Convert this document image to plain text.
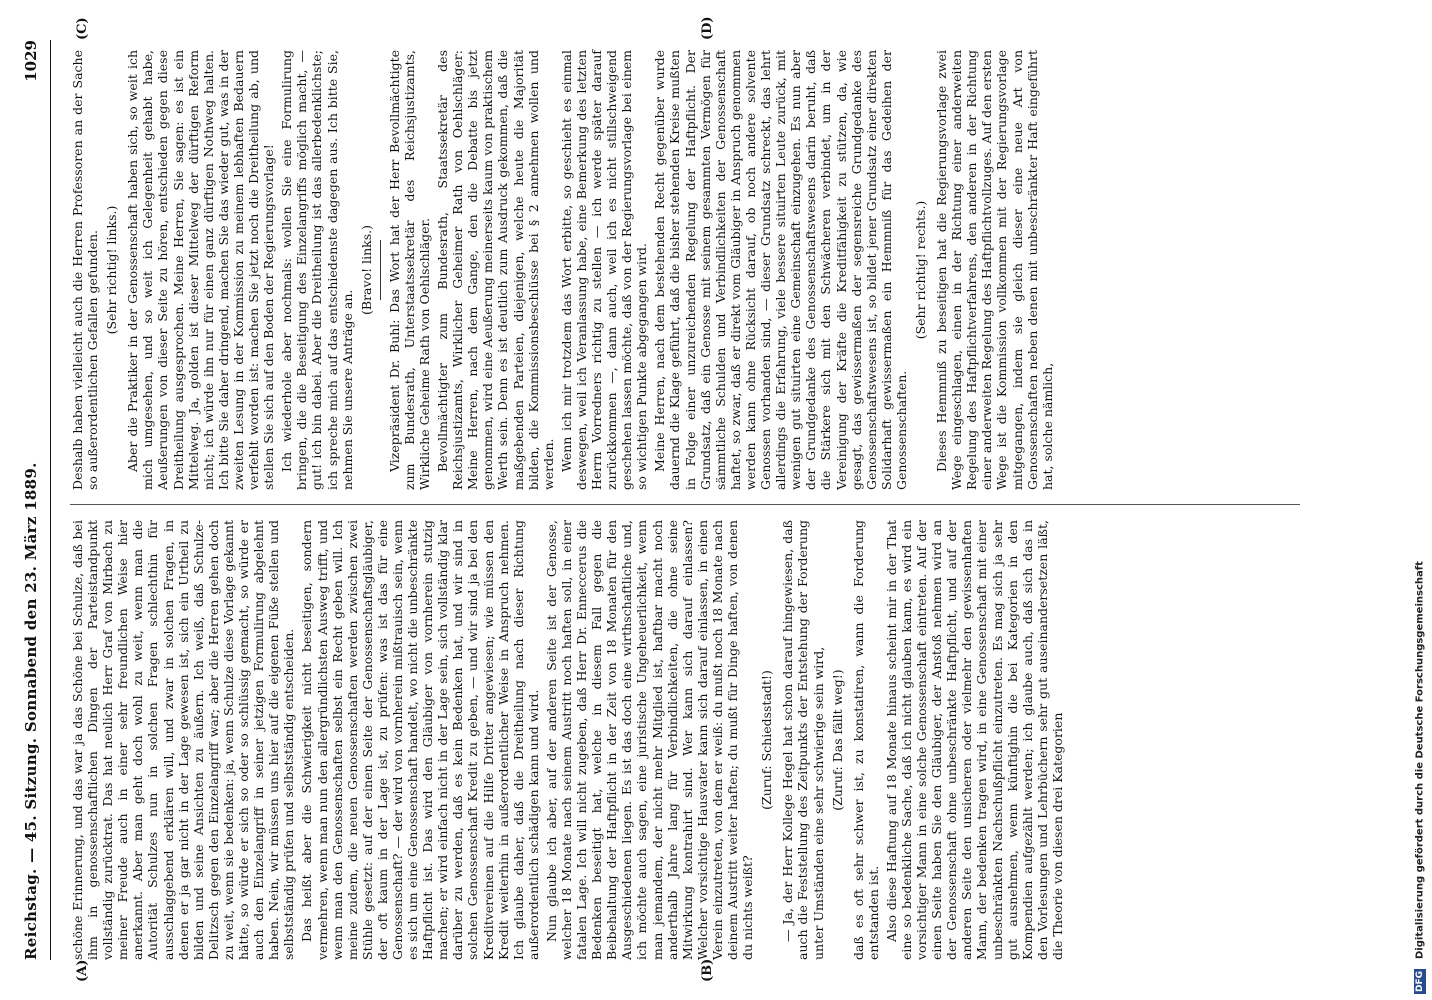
Reichstag. — 45. Sitzung. Sonnabend den 23. März 1889.
1029
(A)	(B)
(C)	(D)

schöne Erinnerung, und das war ja das Schöne bei Schulze, daß bei ihm in genossenschaftlichen Dingen der Parteistandpunkt vollständig zurücktrat. Das hat neulich Herr Graf von Mirbach zu meiner Freude auch in einer sehr freundlichen Weise hier anerkannt. Aber man geht doch wohl zu weit, wenn man die Autorität Schulzes nun in solchen Fragen schlechthin für ausschlaggebend erklären will, und zwar in solchen Fragen, in denen er ja gar nicht in der Lage gewesen ist, sich ein Urtheil zu bilden und seine Ansichten zu äußern. Ich weiß, daß Schulze-Delitzsch gegen den Einzelangriff war; aber die Herren gehen doch zu weit, wenn sie bedenken: ja, wenn Schulze diese Vorlage gekannt hätte, so würde er sich so oder so schlüssig gemacht, so würde er auch den Einzelangriff in seiner jetzigen Formulirung abgelehnt haben. Nein, wir müssen uns hier auf die eigenen Füße stellen und selbstständig prüfen und selbstständig entscheiden. Das heißt aber die Schwierigkeit nicht beseitigen, sondern vermehren, wenn man nun den allergründlichsten Ausweg trifft, und wenn man den Genossenschaften selbst ein Recht geben will. Ich meine zudem, die neuen Genossenschaften werden zwischen zwei Stühle gesetzt: auf der einen Seite der Genossenschaftsgläubiger, der oft kaum in der Lage ist, zu prüfen: was ist das für eine Genossenschaft? — der wird von vornherein mißtrauisch sein, wenn es sich um eine Genossenschaft handelt, wo nicht die unbeschränkte Haftpflicht ist. Das wird den Gläubiger von vornherein stutzig machen; er wird einfach nicht in der Lage sein, sich vollständig klar darüber zu werden, daß es kein Bedenken hat, und wir sind in solchen Genossenschaft Kredit zu geben, — und wir sind ja bei den Kreditvereinen auf die Hilfe Dritter angewiesen; wie müssen den Kredit weiterhin in außerordentlicher Weise in Anspruch nehmen. Ich glaube daher, daß die Dreitheilung nach dieser Richtung außerordentlich schädigen kann und wird. Nun glaube ich aber, auf der anderen Seite ist der Genosse, welcher 18 Monate nach seinem Austritt noch haften soll, in einer fatalen Lage. Ich will nicht zugeben, daß Herr Dr. Enneccerus die Bedenken beseitigt hat, welche in diesem Fall gegen die Beibehaltung der Haftpflicht in der Zeit von 18 Monaten für den Ausgeschiedenen liegen. Es ist das doch eine wirthschaftliche und, ich möchte auch sagen, eine juristische Ungeheuerlichkeit, wenn man jemandem, der nicht mehr Mitglied ist, haftbar macht noch anderthalb Jahre lang für Verbindlichkeiten, die ohne seine Mitwirkung kontrahirt sind. Wer kann sich darauf einlassen? Welcher vorsichtige Hausvater kann sich darauf einlassen, in einen Verein einzutreten, von dem er weiß: du mußt noch 18 Monate nach deinem Austritt weiter haften; du mußt für Dinge haften, von denen du nichts weißt?

(Zuruf: Schiedsstadt!) — Ja, der Herr Kollege Hegel hat schon darauf hingewiesen, daß auch die Feststellung des Zeitpunkts der Entstehung der Forderung unter Umständen eine sehr schwierige sein wird, (Zuruf: Das fällt weg!) daß es oft sehr schwer ist, zu konstatiren, wann die Forderung entstanden ist. Also diese Haftung auf 18 Monate hinaus scheint mir in der That eine so bedenkliche Sache, daß ich nicht glauben kann, es wird ein vorsichtiger Mann in eine solche Genossenschaft eintreten. Auf der einen Seite haben Sie den Gläubiger, der Anstoß nehmen wird an der Genossenschaft ohne unbeschränkte Haftpflicht, und auf der anderen Seite den unsicheren oder vielmehr den gewissenhaften Mann, der bedenken tragen wird, in eine Genossenschaft mit einer unbeschränkten Nachschußpflicht einzutreten. Es mag sich ja sehr gut ausnehmen, wenn künftighin die bei Kategorien in den Kompendien aufgezählt werden; ich glaube auch, daß sich das in den Vorlesungen und Lehrbüchern sehr gut auseinandersetzen läßt, die Theorie von diesen drei Kategorien

Deshalb haben vielleicht auch die Herren Professoren an der Sache so außerordentlichen Gefallen gefunden. (Sehr richtig! links.) Aber die Praktiker in der Genossenschaft haben sich, so weit ich mich umgesehen, und so weit ich Gelegenheit gehabt habe, Aeußerungen von dieser Seite zu hören, entschieden gegen diese Dreitheilung ausgesprochen. Meine Herren, Sie sagen: es ist ein Mittelweg. Ja, golden ist dieser Mittelweg der dürftigen Reform nicht; ich würde ihn nur für einen ganz dürftigen Nothweg halten. Ich bitte Sie daher dringend, machen Sie das wieder gut, was in der zweiten Lesung in der Kommission zu meinem lebhaften Bedauern verfehlt worden ist: machen Sie jetzt noch die Dreitheilung ab, und stellen Sie sich auf den Boden der Regierungsvorlage! Ich wiederhole aber nochmals: wollen Sie eine Formulirung bringen, die die Beseitigung des Einzelangriffs möglich macht, — gut! ich bin dabei. Aber die Dreitheilung ist das allerbedenklichste; ich spreche mich auf das entschiedenste dagegen aus. Ich bitte Sie, nehmen Sie unsere Anträge an.

(Bravo! links.) Vizepräsident Dr. Buhl: Das Wort hat der Herr Bevollmächtigte zum Bundesrath, Unterstaatssekretär des Reichsjustizamts, Wirkliche Geheime Rath von Oehlschläger. Bevollmächtigter zum Bundesrath, Staatssekretär des Reichsjustizamts, Wirklicher Geheimer Rath von Oehlschläger: Meine Herren, nach dem Gange, den die Debatte bis jetzt genommen, wird eine Aeußerung meinerseits kaum von praktischem Werth sein. Denn es ist deutlich zum Ausdruck gekommen, daß die maßgebenden Parteien, diejenigen, welche heute die Majorität bilden, die Kommissionsbeschlüsse bei § 2 annehmen wollen und werden. Wenn ich mir trotzdem das Wort erbitte, so geschieht es einmal deswegen, weil ich Veranlassung habe, eine Bemerkung des letzten Herrn Vorredners richtig zu stellen — ich werde später darauf zurückkommen —, dann auch, weil ich es nicht stillschweigend geschehen lassen möchte, daß von der Regierungsvorlage bei einem so wichtigen Punkte abgegangen wird. Meine Herren, nach dem bestehenden Recht gegenüber wurde dauernd die Klage geführt, daß die bisher stehenden Kreise mußten in Folge einer unzureichenden Regelung der Haftpflicht. Der Grundsatz, daß ein Genosse mit seinem gesammten Vermögen für sämmtliche Schulden und Verbindlichkeiten der Genossenschaft haftet, so zwar, daß er direkt vom Gläubiger in Anspruch genommen werden kann ohne Rücksicht darauf, ob noch andere solvente Genossen vorhanden sind, — dieser Grundsatz schreckt, das lehrt allerdings die Erfahrung, viele bessere situirten Leute zurück, mit wenigen gut situirten eine Gemeinschaft einzugehen. Es nun aber der Grundgedanke des Genossenschaftswesens darin beruht, daß die Stärkere sich mit den Schwächeren verbindet, um in der Vereinigung der Kräfte die Kreditfähigkeit zu stützen, da, wie gesagt, das gewissermaßen der segensreiche Grundgedanke des Genossenschaftswesens ist, so bildet jener Grundsatz einer direkten Solidarhaft gewissermaßen ein Hemmniß für das Gedeihen der Genossenschaften.

(Sehr richtig! rechts.) Dieses Hemmniß zu beseitigen hat die Regierungsvorlage zwei Wege eingeschlagen, einen in der Richtung einer anderweiten Regelung des Haftpflichtverfahrens, den anderen in der Richtung einer anderweiten Regelung des Haftpflichtvollzuges. Auf den ersten Wege ist die Kommission vollkommen mit der Regierungsvorlage mitgegangen, indem sie gleich dieser eine neue Art von Genossenschaften neben denen mit unbeschränkter Haft eingeführt hat, solche nämlich,

DFG
Digitalisierung gefördert durch die Deutsche Forschungsgemeinschaft
